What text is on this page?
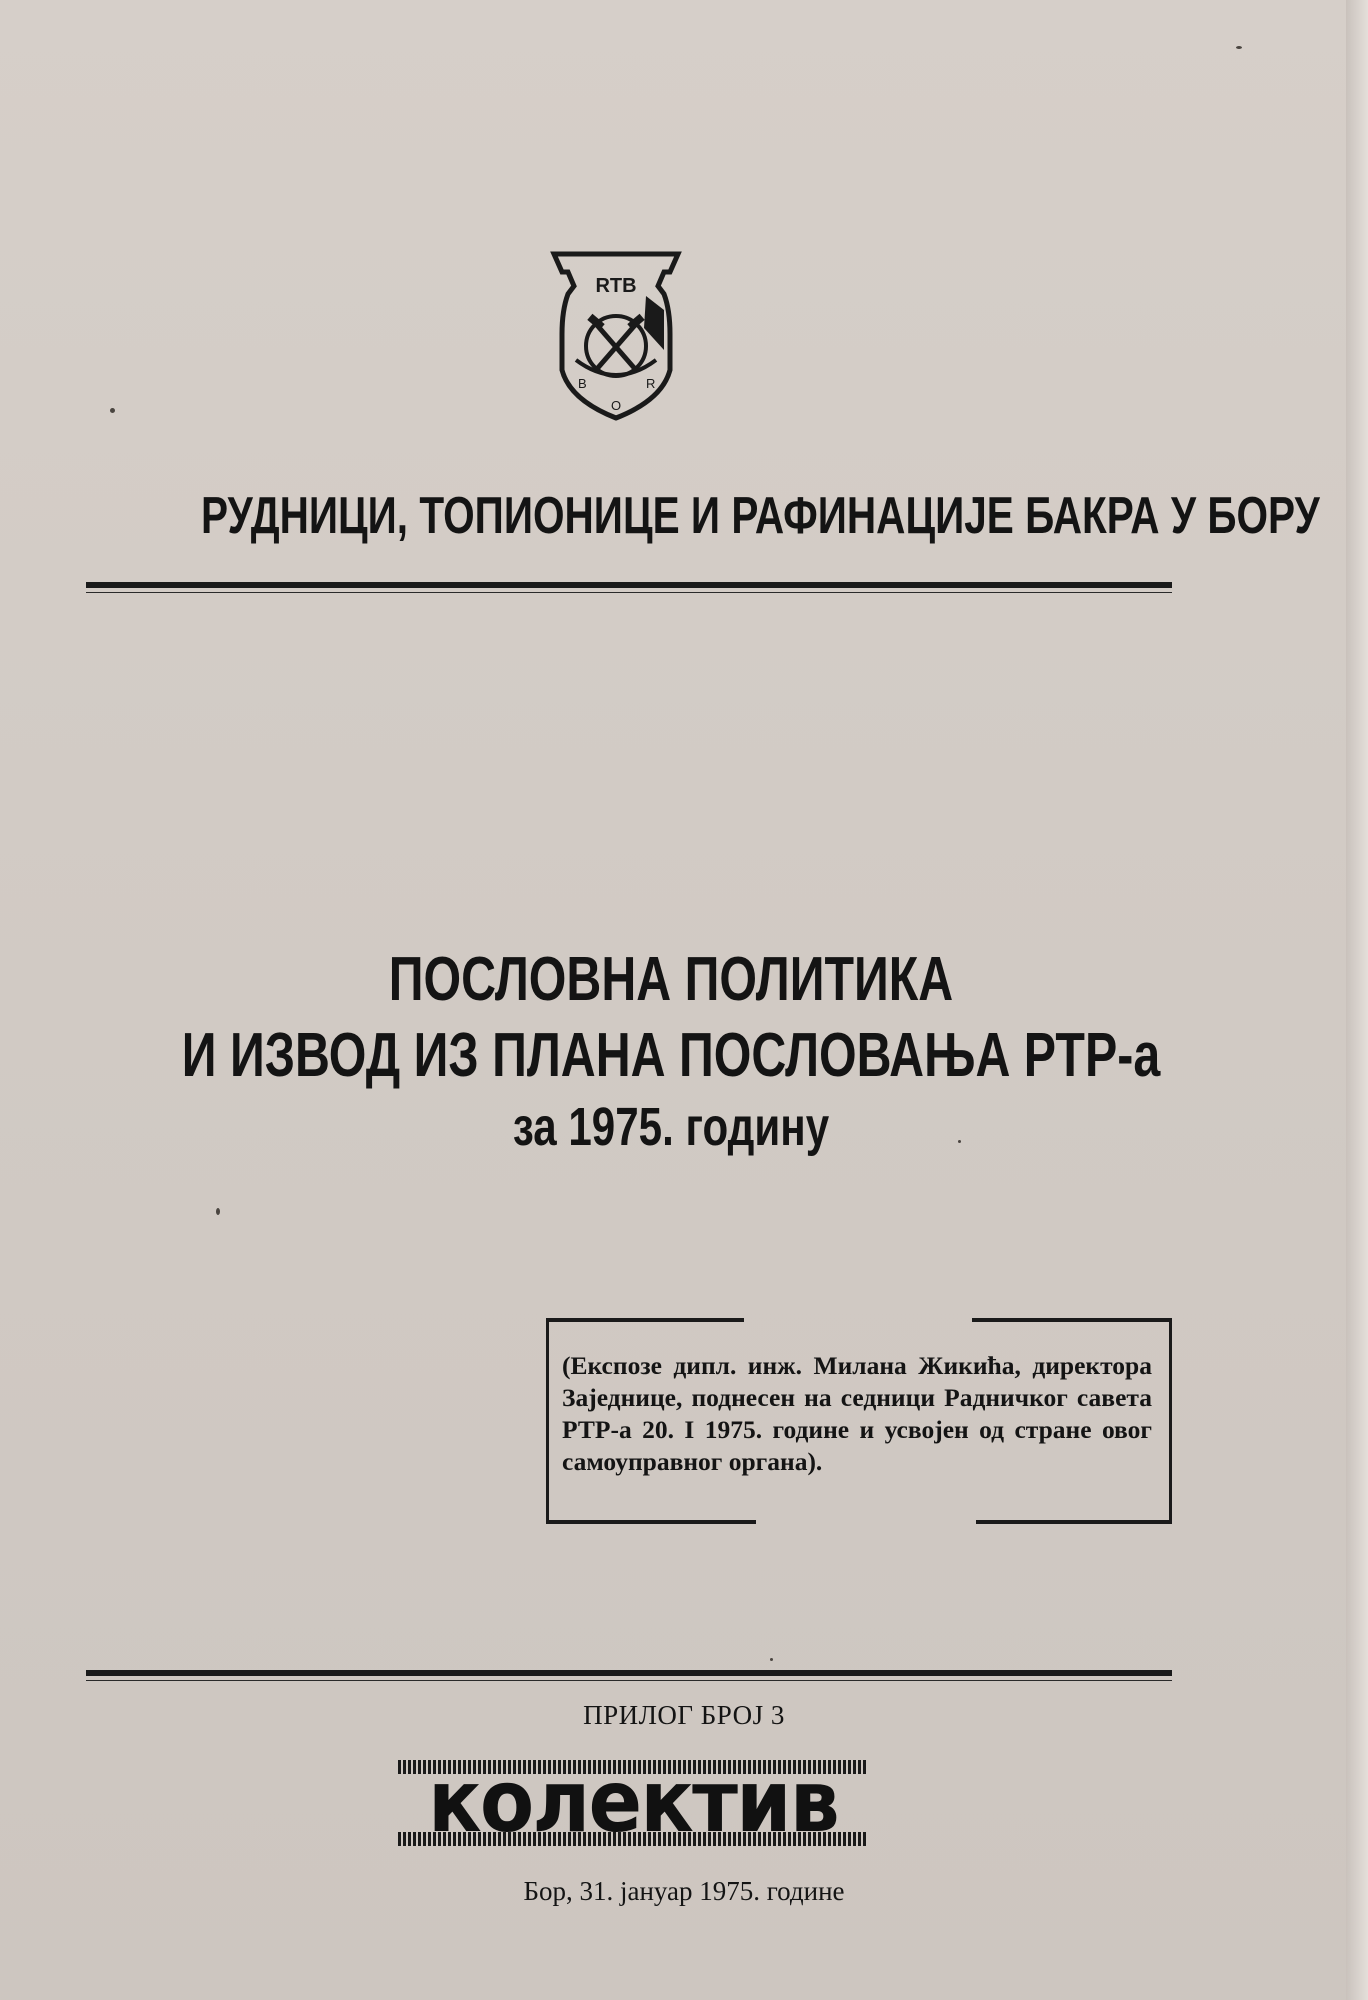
RTB
B
O
R
РУДНИЦИ, ТОПИОНИЦЕ И РАФИНАЦИЈЕ БАКРА У БОРУ
ПОСЛОВНА ПОЛИТИКА
И ИЗВОД ИЗ ПЛАНА ПОСЛОВАЊА РТР-а
за 1975. годину
(Експозе дипл. инж. Милана Жикића, директора Заједнице, поднесен на седници Радничког савета РТР-а 20. I 1975. године и усвојен од стране овог самоуправног органа).
ПРИЛОГ БРОЈ 3
колектив
Бор, 31. јануар 1975. године
